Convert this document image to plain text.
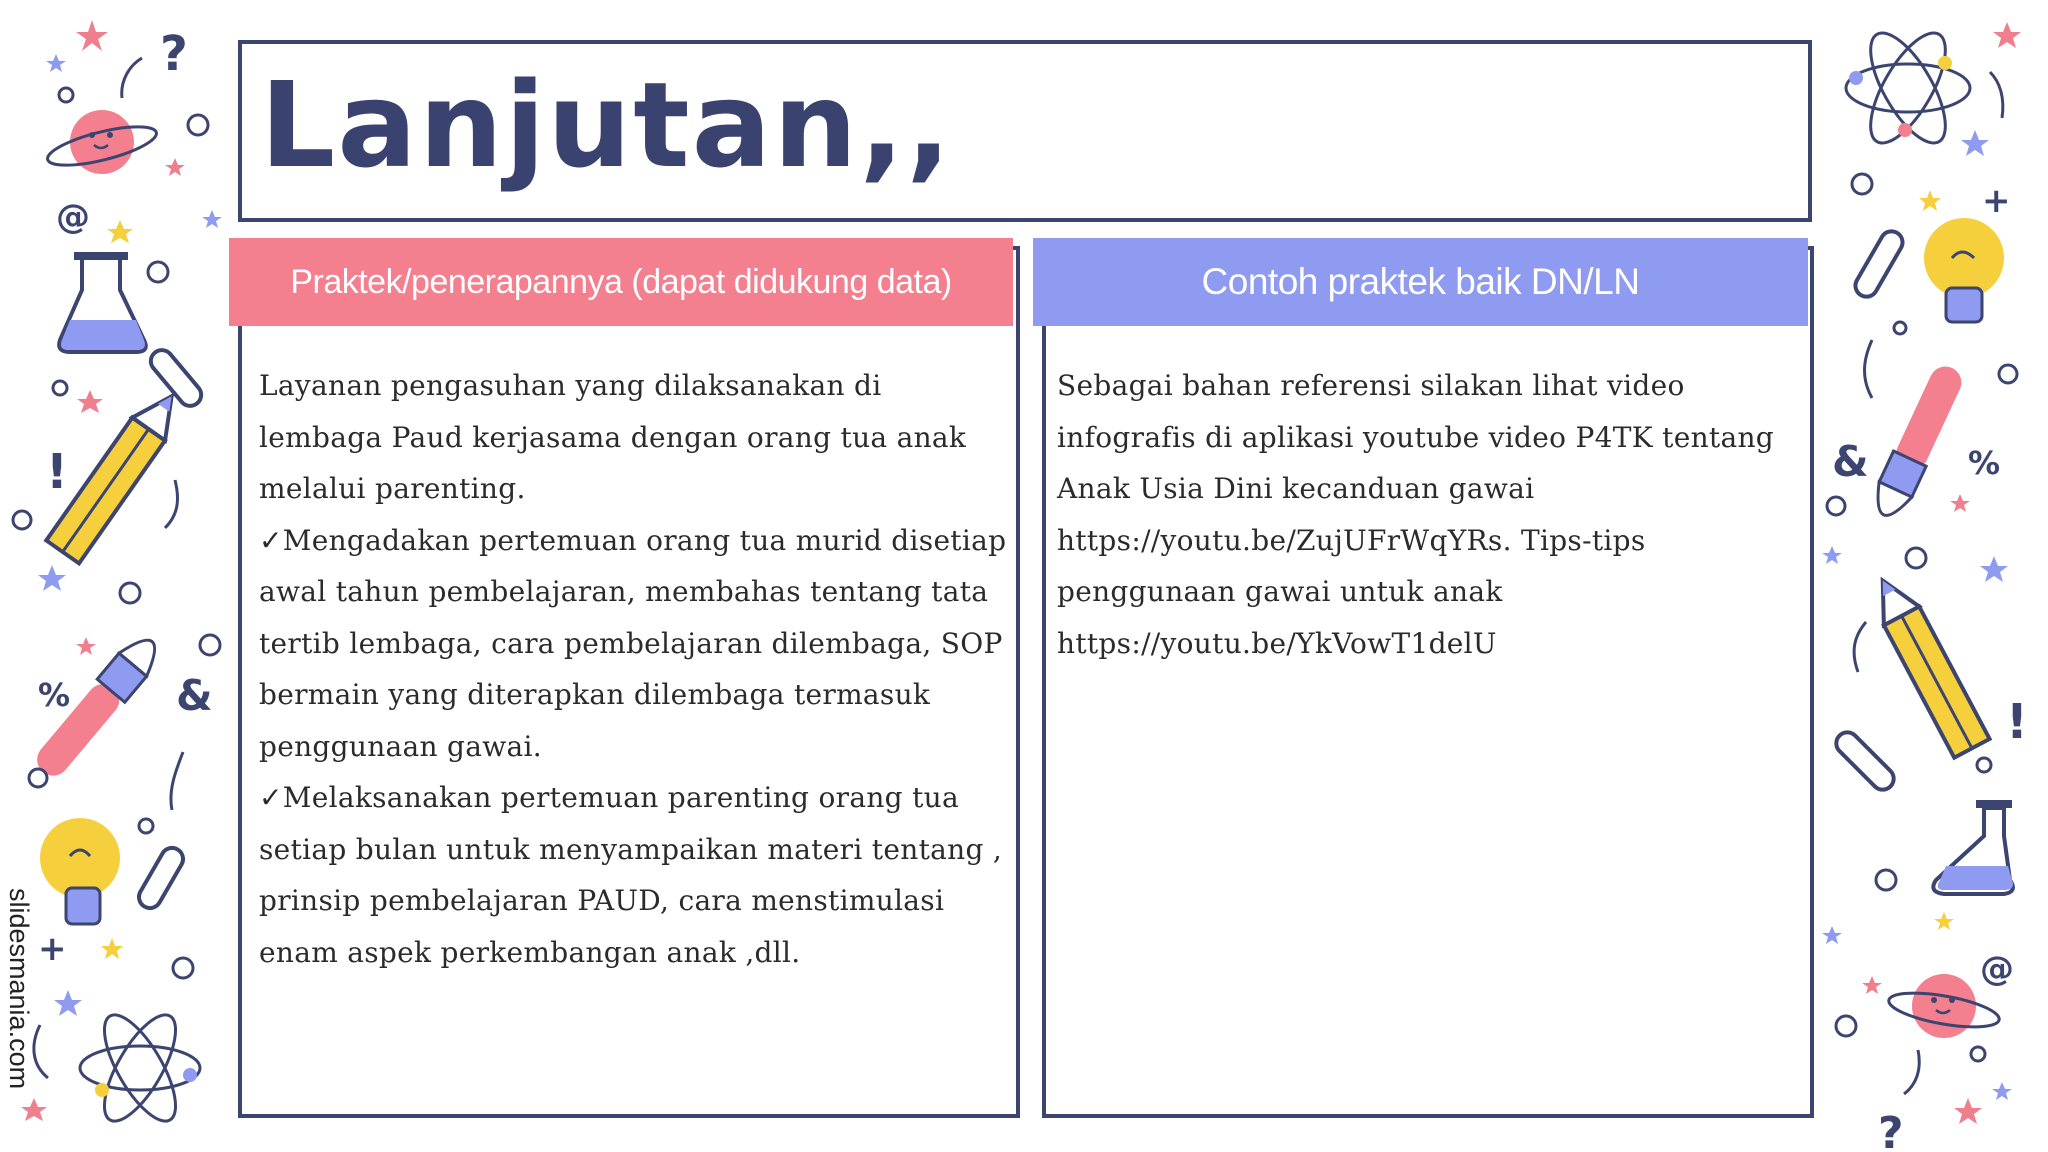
?
@
!
%	&
+
+
&	%
!
@
?
slidesmania.com
Lanjutan,,
Praktek/penerapannya (dapat didukung data)	Contoh praktek baik DN/LN
Layanan pengasuhan yang dilaksanakan di
lembaga Paud kerjasama dengan orang tua anak
melalui parenting.
✓Mengadakan pertemuan orang tua murid disetiap
awal tahun pembelajaran, membahas tentang tata
tertib lembaga, cara pembelajaran dilembaga, SOP
bermain yang diterapkan dilembaga termasuk
penggunaan gawai.
✓Melaksanakan pertemuan parenting orang tua
setiap bulan untuk menyampaikan materi tentang ,
prinsip pembelajaran PAUD, cara menstimulasi
enam aspek perkembangan anak ,dll.
Sebagai bahan referensi silakan lihat video
infografis di aplikasi youtube video P4TK tentang
Anak Usia Dini kecanduan gawai
https://youtu.be/ZujUFrWqYRs. Tips-tips
penggunaan gawai untuk anak
https://youtu.be/YkVowT1delU
